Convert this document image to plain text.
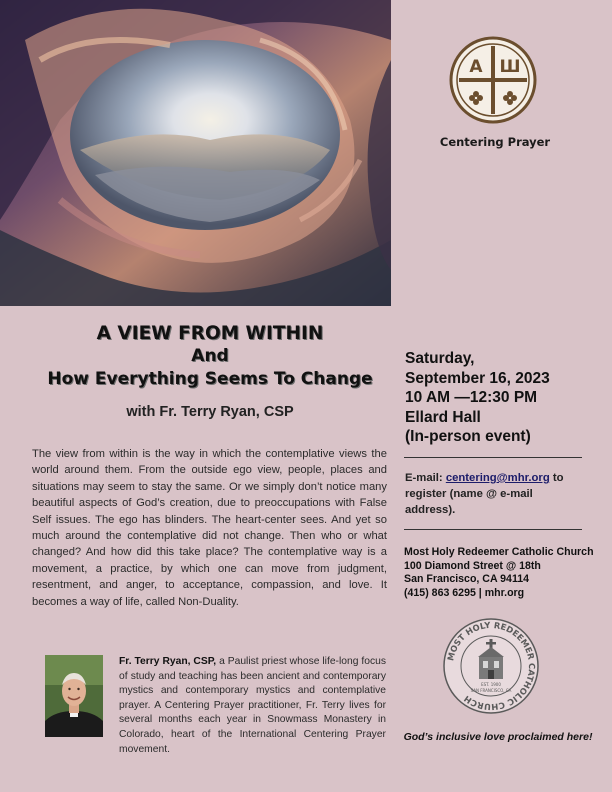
A Ш
Centering Prayer
A VIEW FROM WITHIN
And
How Everything Seems To Change
with Fr. Terry Ryan, CSP

The view from within is the way in which the contemplative views the world around them. From the outside ego view, people, places and situations may seem to stay the same. Or we simply don’t notice many beautiful aspects of God’s creation, due to preoccupations with False Self issues. The ego has blinders. The heart-center sees. And yet so much around the contemplative did not change. Then who or what changed? And how did this take place? The contemplative way is a movement, a practice, by which one can move from judgment, resentment, and anger, to acceptance, compassion, and love. It becomes a way of life, called Non-Duality.

Saturday,
September 16, 2023
10 AM —12:30 PM
Ellard Hall
(In-person event)
E-mail: centering@mhr.org to register (name @ e-mail address).
Most Holy Redeemer Catholic Church
100 Diamond Street @ 18th
San Francisco, CA 94114
(415) 863 6295 | mhr.org
MOST HOLY REDEEMER CATHOLIC CHURCH
EST. 1900
SAN FRANCISCO, CA
God’s inclusive love proclaimed here!

Fr. Terry Ryan, CSP, a Paulist priest whose life-long focus of study and teaching has been ancient and contemporary mystics and contemporary mystics and contemplative prayer. A Centering Prayer practitioner, Fr. Terry lives for several months each year in Snowmass Monastery in Colorado, heart of the International Centering Prayer movement.
